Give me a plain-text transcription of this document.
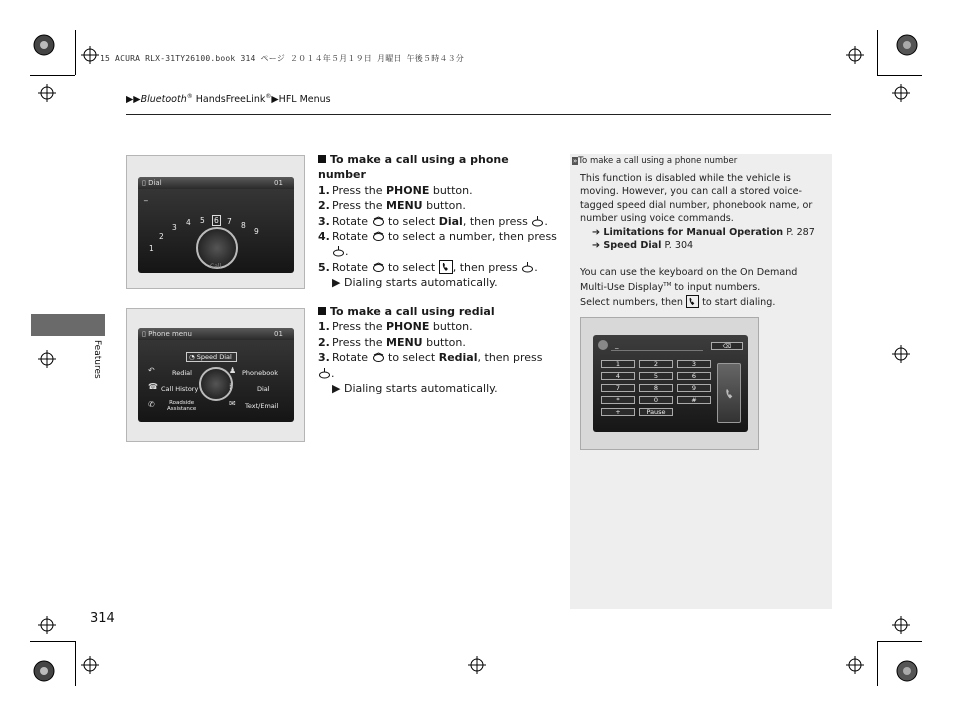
15 ACURA RLX-31TY26100.book 314 ページ ２０１４年５月１９日 月曜日 午後５時４３分
▶▶Bluetooth® HandsFreeLink®▶HFL Menus
Features
▯ Dial	01
_
1
2
3
4 5 6 7 8
9
Call
▯ Phone menu	01
◔ Speed Dial
↶	Redial	♟ Phonebook
☎ Call History	⁞	Dial
✆	Roadside
Assistance
✉ Text/Email
To make a call using a phone number
1. Press the PHONE button.
2. Press the MENU button.
3. Rotate  to select Dial, then press .
4. Rotate  to select a number, then press
.
5. Rotate  to select
, then press .
▶ Dialing starts automatically.
To make a call using redial
1. Press the PHONE button.
2. Press the MENU button.
3. Rotate  to select Redial, then press .
▶ Dialing starts automatically.
»To make a call using a phone number
This function is disabled while the vehicle is moving. However, you can call a stored voice-tagged speed dial number, phonebook name, or number using voice commands.
➔ Limitations for Manual Operation P. 287
➔ Speed Dial P. 304
You can use the keyboard on the On Demand Multi-Use Display™ to input numbers.
Select numbers, then
to start dialing.
_	⌫
1	2	3
4	5	6
7	8	9
*	0	#
+	Pause
314
